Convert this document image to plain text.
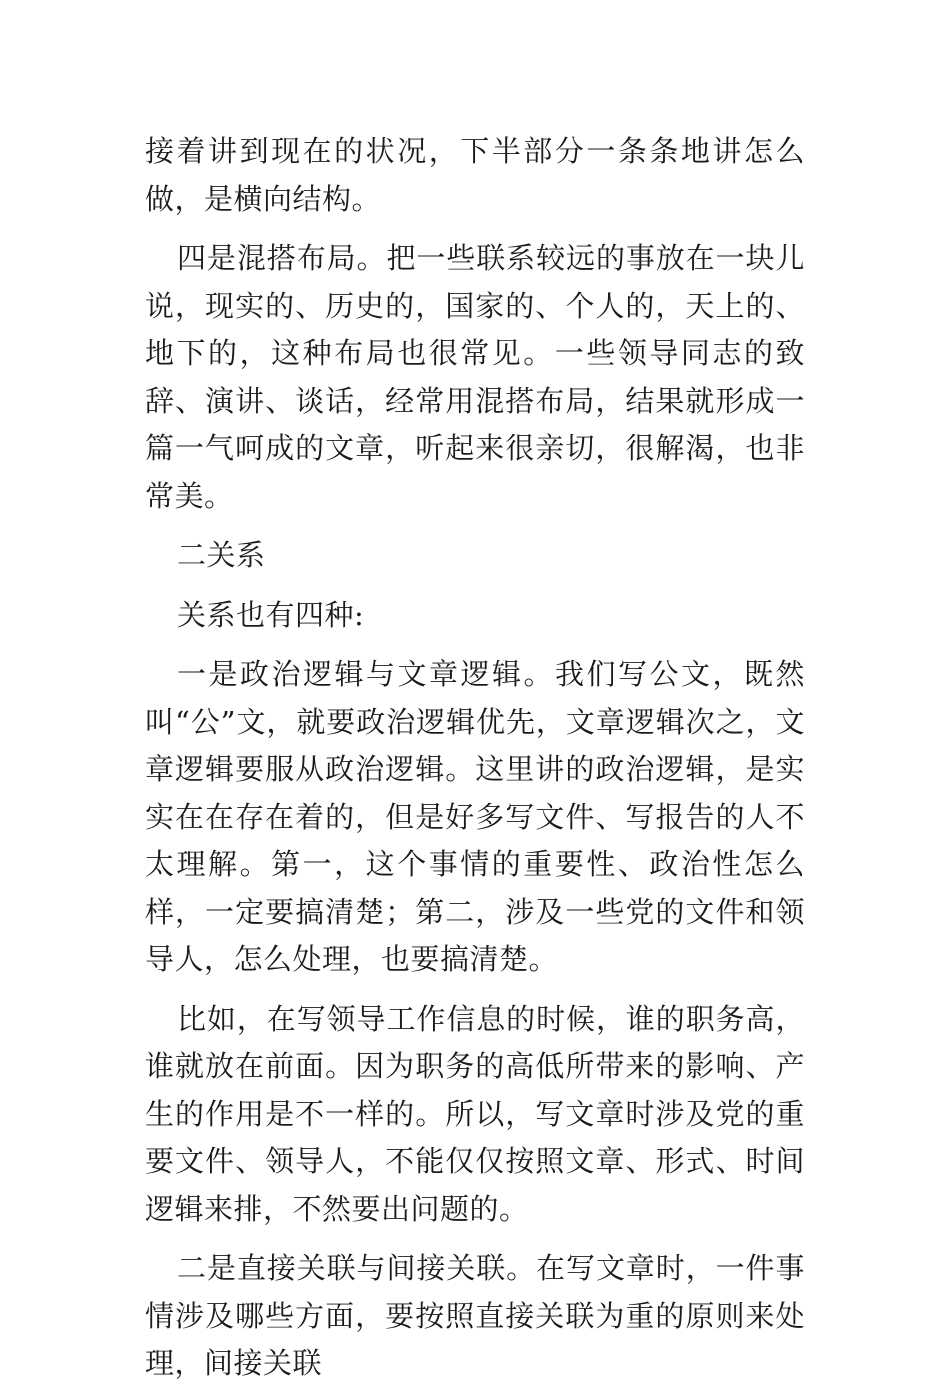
接着讲到现在的状况，下半部分一条条地讲怎么做，是横向结构。

四是混搭布局。把一些联系较远的事放在一块儿说，现实的、历史的，国家的、个人的，天上的、地下的，这种布局也很常见。一些领导同志的致辞、演讲、谈话，经常用混搭布局，结果就形成一篇一气呵成的文章，听起来很亲切，很解渴，也非常美。

二关系

关系也有四种:

一是政治逻辑与文章逻辑。我们写公文，既然叫“公”文，就要政治逻辑优先，文章逻辑次之，文章逻辑要服从政治逻辑。这里讲的政治逻辑，是实实在在存在着的，但是好多写文件、写报告的人不太理解。第一，这个事情的重要性、政治性怎么样，一定要搞清楚；第二，涉及一些党的文件和领导人，怎么处理，也要搞清楚。

比如，在写领导工作信息的时候，谁的职务高，谁就放在前面。因为职务的高低所带来的影响、产生的作用是不一样的。所以，写文章时涉及党的重要文件、领导人，不能仅仅按照文章、形式、时间逻辑来排，不然要出问题的。

二是直接关联与间接关联。在写文章时，一件事情涉及哪些方面，要按照直接关联为重的原则来处理，间接关联
